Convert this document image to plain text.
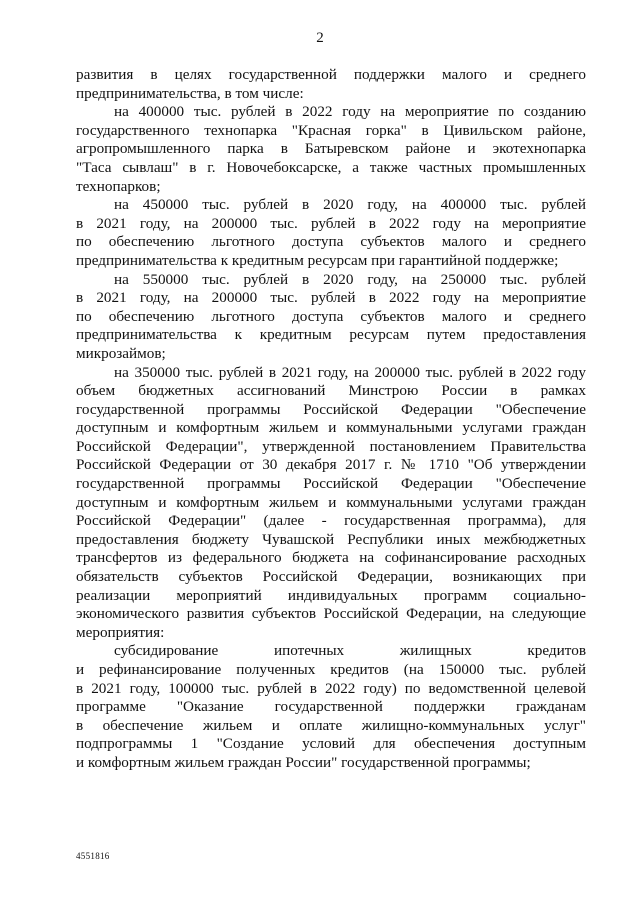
2
развития в целях государственной поддержки малого и среднего
предпринимательства, в том числе:
на 400000 тыс. рублей в 2022 году на мероприятие по созданию
государственного технопарка "Красная горка" в Цивильском районе,
агропромышленного парка в Батыревском районе и экотехнопарка
"Таса сывлаш" в г. Новочебоксарске, а также частных промышленных
технопарков;
на 450000 тыс. рублей в 2020 году, на 400000 тыс. рублей
в 2021 году, на 200000 тыс. рублей в 2022 году на мероприятие
по обеспечению льготного доступа субъектов малого и среднего
предпринимательства к кредитным ресурсам при гарантийной поддержке;
на 550000 тыс. рублей в 2020 году, на 250000 тыс. рублей
в 2021 году, на 200000 тыс. рублей в 2022 году на мероприятие
по обеспечению льготного доступа субъектов малого и среднего
предпринимательства к кредитным ресурсам путем предоставления
микрозаймов;
на 350000 тыс. рублей в 2021 году, на 200000 тыс. рублей в 2022 году
объем бюджетных ассигнований Минстрою России в рамках
государственной программы Российской Федерации "Обеспечение
доступным и комфортным жильем и коммунальными услугами граждан
Российской Федерации", утвержденной постановлением Правительства
Российской Федерации от 30 декабря 2017 г. № 1710 "Об утверждении
государственной программы Российской Федерации "Обеспечение
доступным и комфортным жильем и коммунальными услугами граждан
Российской Федерации" (далее - государственная программа), для
предоставления бюджету Чувашской Республики иных межбюджетных
трансфертов из федерального бюджета на софинансирование расходных
обязательств субъектов Российской Федерации, возникающих при
реализации мероприятий индивидуальных программ социально-
экономического развития субъектов Российской Федерации, на следующие
мероприятия:
субсидирование ипотечных жилищных кредитов
и рефинансирование полученных кредитов (на 150000 тыс. рублей
в 2021 году, 100000 тыс. рублей в 2022 году) по ведомственной целевой
программе "Оказание государственной поддержки гражданам
в обеспечение жильем и оплате жилищно-коммунальных услуг"
подпрограммы 1 "Создание условий для обеспечения доступным
и комфортным жильем граждан России" государственной программы;
4551816
